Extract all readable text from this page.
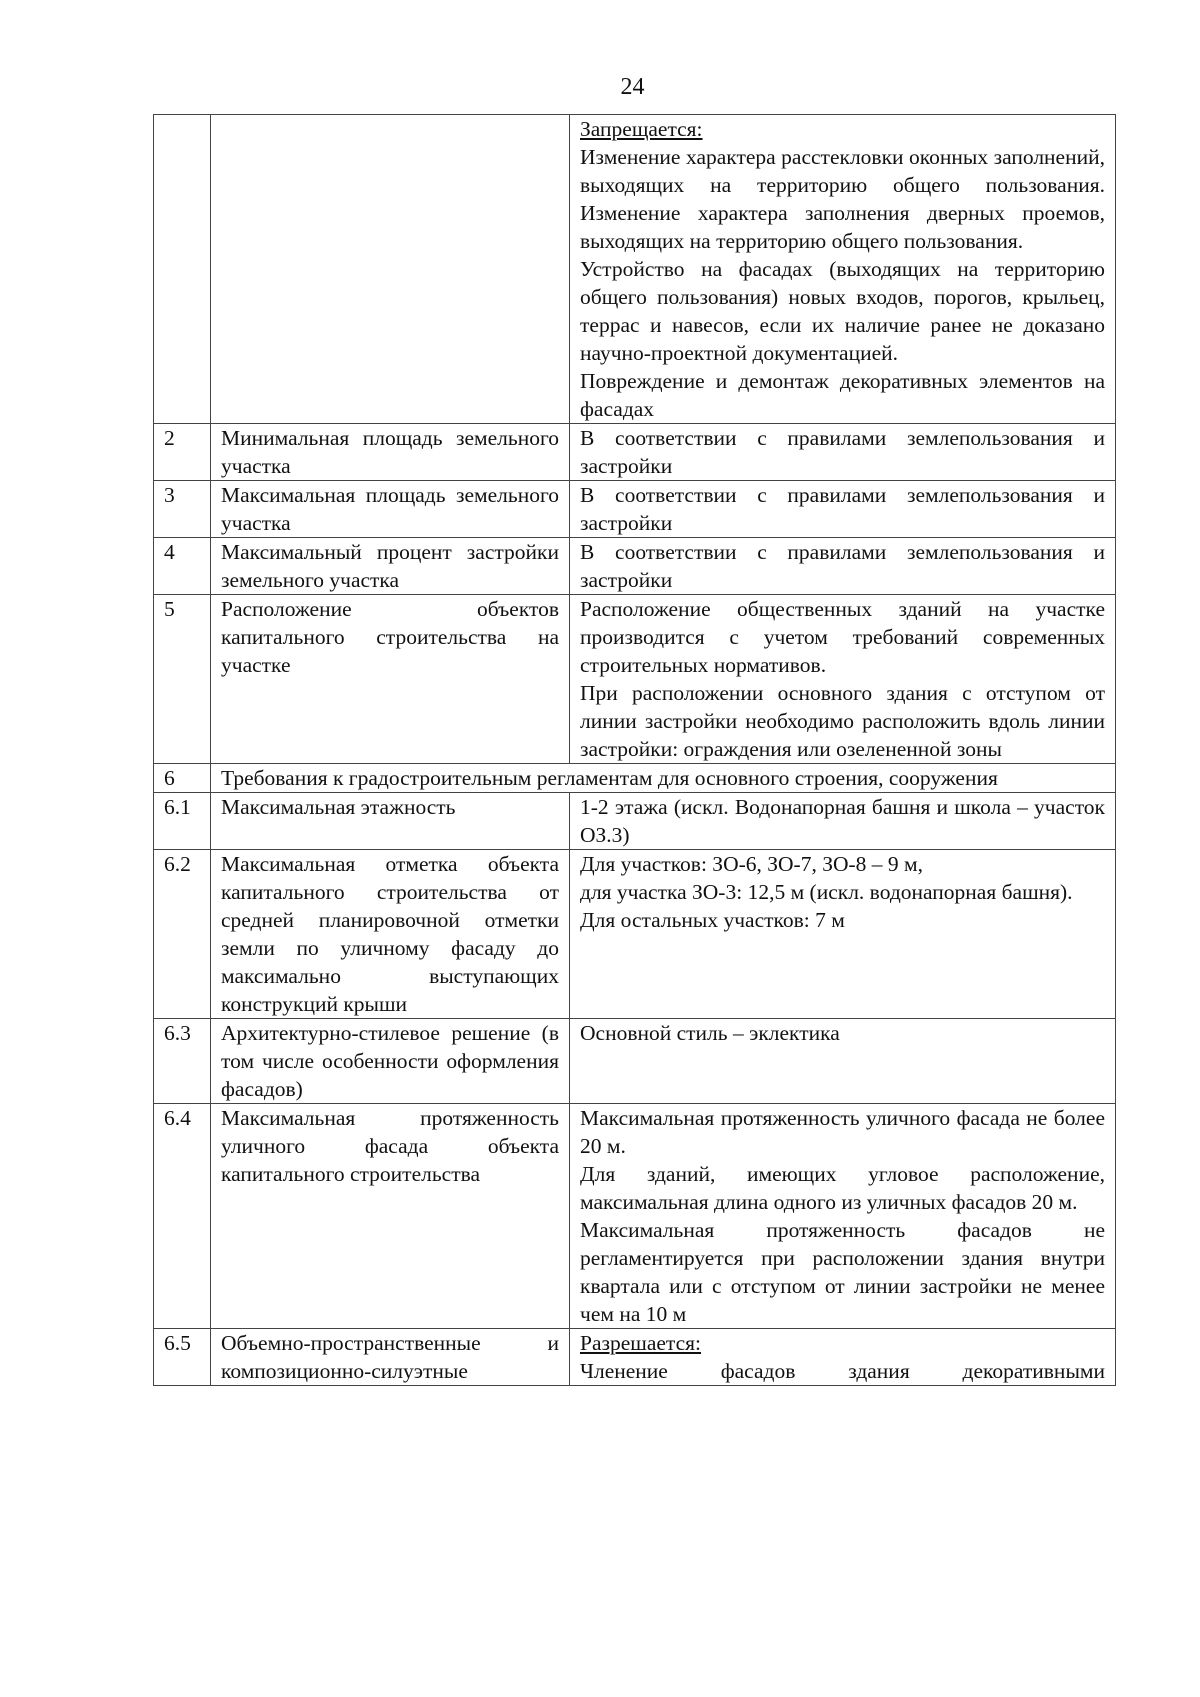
24

		Запрещается:

Изменение характера расстекловки оконных заполнений, выходящих на территорию общего пользования. Изменение характера заполнения дверных проемов, выходящих на территорию общего пользования.

Устройство на фасадах (выходящих на территорию общего пользования) новых входов, порогов, крыльец, террас и навесов, если их наличие ранее не доказано научно-проектной документацией.

Повреждение и демонтаж декоративных элементов на фасадах

2	Минимальная площадь земельного участка	В соответствии с правилами землепользования и застройки
3	Максимальная площадь земельного участка	В соответствии с правилами землепользования и застройки
4	Максимальный процент застройки земельного участка	В соответствии с правилами землепользования и застройки
5	Расположение объектов капитального строительства на участке	Расположение общественных зданий на участке производится с учетом требований современных строительных нормативов.

При расположении основного здания с отступом от линии застройки необходимо расположить вдоль линии застройки: ограждения или озелененной зоны

6	Требования к градостроительным регламентам для основного строения, сооружения	
6.1	Максимальная этажность	1-2 этажа (искл. Водонапорная башня и школа – участок ОЗ.3)
6.2	Максимальная отметка объекта капитального строительства от средней планировочной отметки земли по уличному фасаду до максимально выступающих конструкций крыши	Для участков: ЗО-6, ЗО-7, ЗО-8 – 9 м,

для участка ЗО-3: 12,5 м (искл. водонапорная башня).

Для остальных участков: 7 м

6.3	Архитектурно-стилевое решение (в том числе особенности оформления фасадов)	Основной стиль – эклектика
6.4	Максимальная протяженность уличного фасада объекта капитального строительства	Максимальная протяженность уличного фасада не более 20 м.

Для зданий, имеющих угловое расположение, максимальная длина одного из уличных фасадов 20 м.

Максимальная протяженность фасадов не регламентируется при расположении здания внутри квартала или с отступом от линии застройки не менее чем на 10 м

6.5	Объемно-пространственные и композиционно-силуэтные	Разрешается:

Членение фасадов здания декоративными
